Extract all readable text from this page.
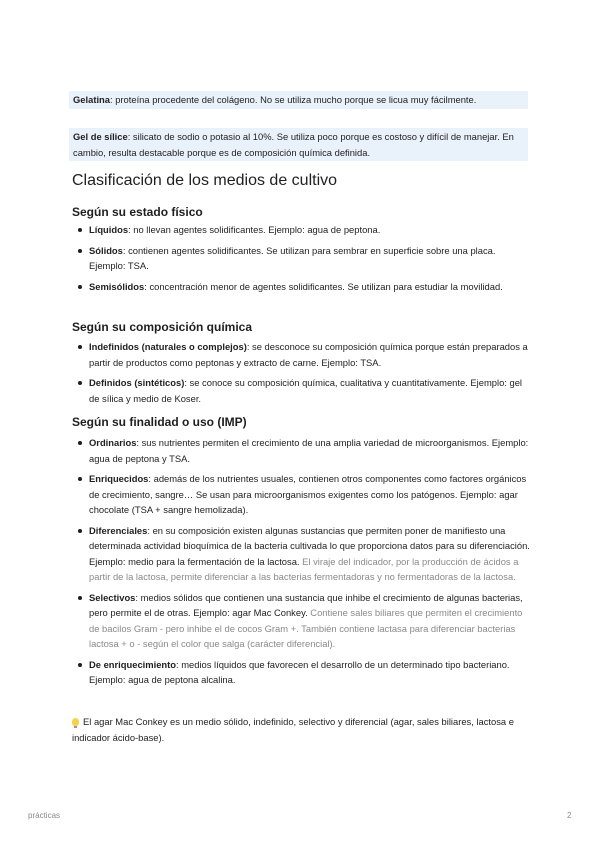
Gelatina: proteína procedente del colágeno. No se utiliza mucho porque se licua muy fácilmente.
Gel de sílice: silicato de sodio o potasio al 10%. Se utiliza poco porque es costoso y difícil de manejar. En cambio, resulta destacable porque es de composición química definida.
Clasificación de los medios de cultivo
Según su estado físico
Líquidos: no llevan agentes solidificantes. Ejemplo: agua de peptona.
Sólidos: contienen agentes solidificantes. Se utilizan para sembrar en superficie sobre una placa. Ejemplo: TSA.
Semisólidos: concentración menor de agentes solidificantes. Se utilizan para estudiar la movilidad.
Según su composición química
Indefinidos (naturales o complejos): se desconoce su composición química porque están preparados a partir de productos como peptonas y extracto de carne. Ejemplo: TSA.
Definidos (sintéticos): se conoce su composición química, cualitativa y cuantitativamente. Ejemplo: gel de sílica y medio de Koser.
Según su finalidad o uso (IMP)
Ordinarios: sus nutrientes permiten el crecimiento de una amplia variedad de microorganismos. Ejemplo: agua de peptona y TSA.
Enriquecidos: además de los nutrientes usuales, contienen otros componentes como factores orgánicos de crecimiento, sangre… Se usan para microorganismos exigentes como los patógenos. Ejemplo: agar chocolate (TSA + sangre hemolizada).
Diferenciales: en su composición existen algunas sustancias que permiten poner de manifiesto una determinada actividad bioquímica de la bacteria cultivada lo que proporciona datos para su diferenciación. Ejemplo: medio para la fermentación de la lactosa. El viraje del indicador, por la producción de ácidos a partir de la lactosa, permite diferenciar a las bacterias fermentadoras y no fermentadoras de la lactosa.
Selectivos: medios sólidos que contienen una sustancia que inhibe el crecimiento de algunas bacterias, pero permite el de otras. Ejemplo: agar Mac Conkey. Contiene sales biliares que permiten el crecimiento de bacilos Gram - pero inhibe el de cocos Gram +. También contiene lactasa para diferenciar bacterias lactosa + o - según el color que salga (carácter diferencial).
De enriquecimiento: medios líquidos que favorecen el desarrollo de un determinado tipo bacteriano. Ejemplo: agua de peptona alcalina.
El agar Mac Conkey es un medio sólido, indefinido, selectivo y diferencial (agar, sales biliares, lactosa e indicador ácido-base).
prácticas	2
